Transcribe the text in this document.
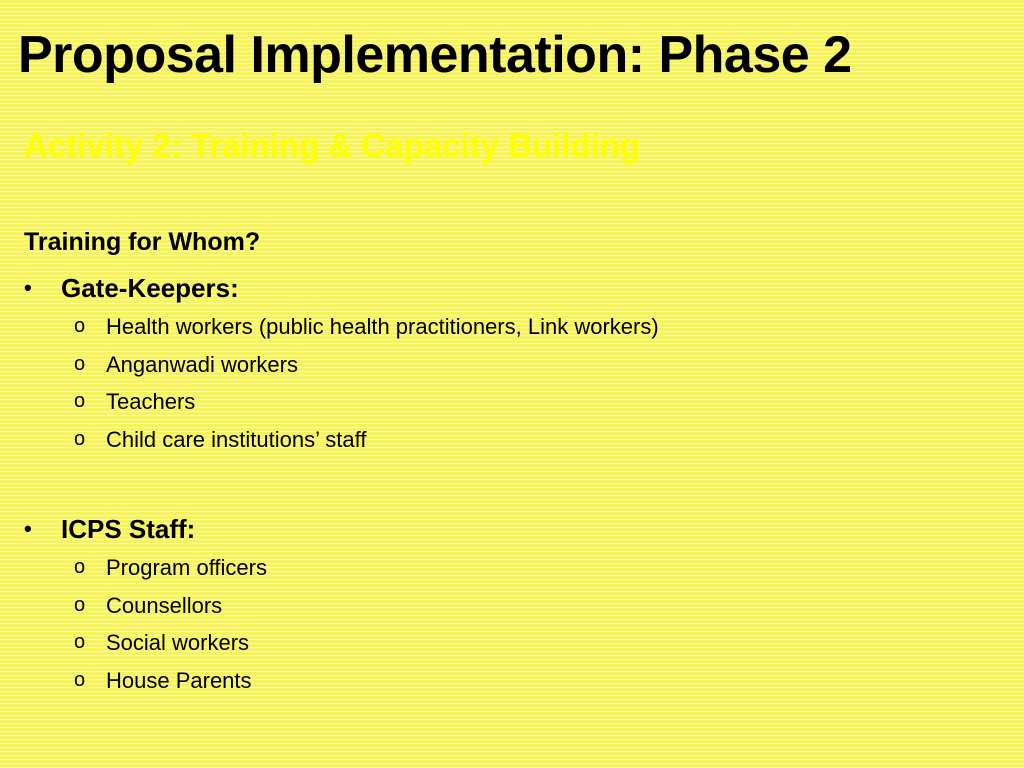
Proposal Implementation: Phase 2
Activity 2: Training & Capacity Building
Training for Whom?
• Gate-Keepers:
o Health workers (public health practitioners, Link workers)
o Anganwadi workers
o Teachers
o Child care institutions’ staff
• ICPS Staff:
o Program officers
o Counsellors
o Social workers
o House Parents
